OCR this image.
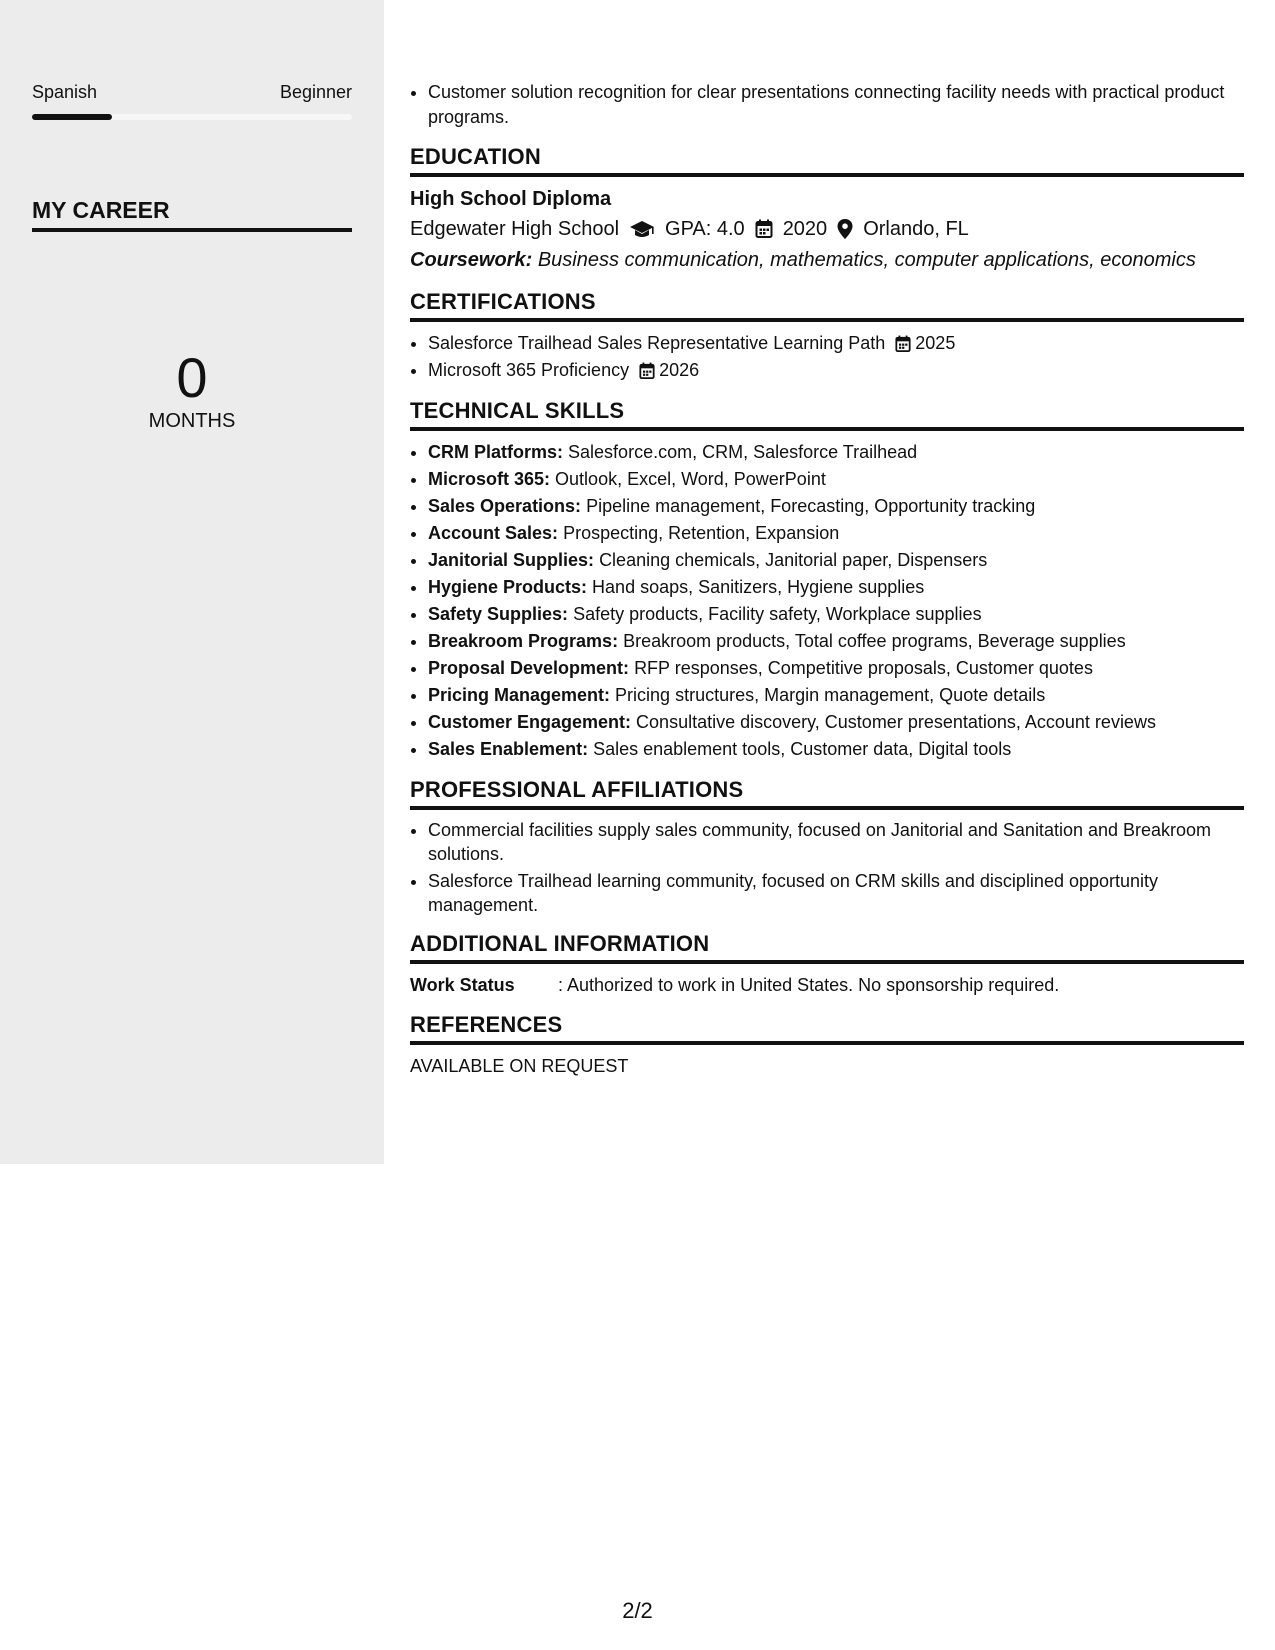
Spanish	Beginner
MY CAREER
0
MONTHS
• Customer solution recognition for clear presentations connecting facility needs with practical product programs.
EDUCATION
High School Diploma
Edgewater High School GPA: 4.0 2020 Orlando, FL
Coursework: Business communication, mathematics, computer applications, economics
CERTIFICATIONS
• Salesforce Trailhead Sales Representative Learning Path 2025
• Microsoft 365 Proficiency 2026
TECHNICAL SKILLS
• CRM Platforms: Salesforce.com, CRM, Salesforce Trailhead
• Microsoft 365: Outlook, Excel, Word, PowerPoint
• Sales Operations: Pipeline management, Forecasting, Opportunity tracking
• Account Sales: Prospecting, Retention, Expansion
• Janitorial Supplies: Cleaning chemicals, Janitorial paper, Dispensers
• Hygiene Products: Hand soaps, Sanitizers, Hygiene supplies
• Safety Supplies: Safety products, Facility safety, Workplace supplies
• Breakroom Programs: Breakroom products, Total coffee programs, Beverage supplies
• Proposal Development: RFP responses, Competitive proposals, Customer quotes
• Pricing Management: Pricing structures, Margin management, Quote details
• Customer Engagement: Consultative discovery, Customer presentations, Account reviews
• Sales Enablement: Sales enablement tools, Customer data, Digital tools
PROFESSIONAL AFFILIATIONS
• Commercial facilities supply sales community, focused on Janitorial and Sanitation and Breakroom solutions.
• Salesforce Trailhead learning community, focused on CRM skills and disciplined opportunity management.
ADDITIONAL INFORMATION
Work Status	: Authorized to work in United States. No sponsorship required.
REFERENCES
AVAILABLE ON REQUEST
2/2
